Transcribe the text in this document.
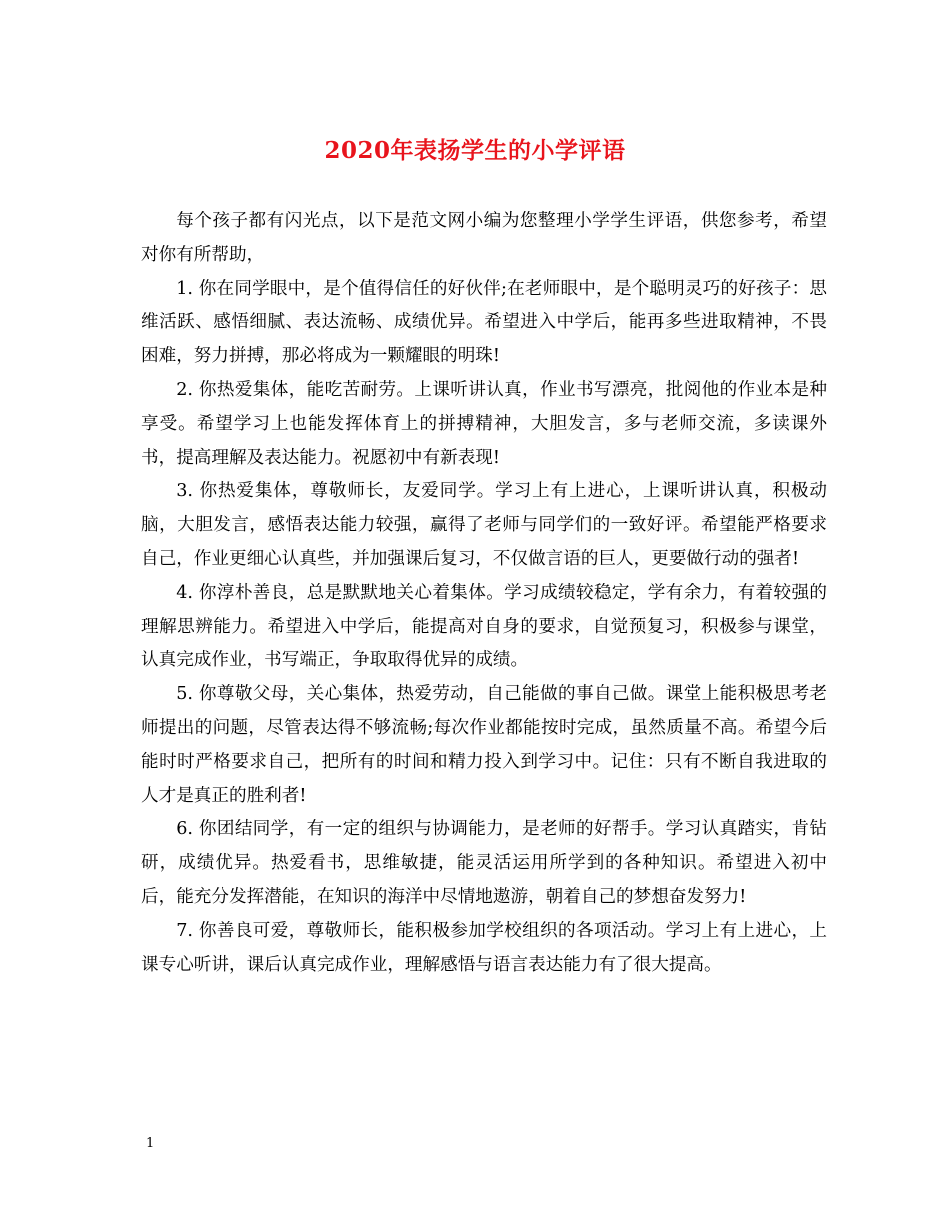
2020年表扬学生的小学评语

每个孩子都有闪光点，以下是范文网小编为您整理小学学生评语，供您参考，希望对你有所帮助，

1. 你在同学眼中，是个值得信任的好伙伴;在老师眼中，是个聪明灵巧的好孩子：思维活跃、感悟细腻、表达流畅、成绩优异。希望进入中学后，能再多些进取精神，不畏困难，努力拼搏，那必将成为一颗耀眼的明珠!

2. 你热爱集体，能吃苦耐劳。上课听讲认真，作业书写漂亮，批阅他的作业本是种享受。希望学习上也能发挥体育上的拼搏精神，大胆发言，多与老师交流，多读课外书，提高理解及表达能力。祝愿初中有新表现!

3. 你热爱集体，尊敬师长，友爱同学。学习上有上进心，上课听讲认真，积极动脑，大胆发言，感悟表达能力较强，赢得了老师与同学们的一致好评。希望能严格要求自己，作业更细心认真些，并加强课后复习，不仅做言语的巨人，更要做行动的强者!

4. 你淳朴善良，总是默默地关心着集体。学习成绩较稳定，学有余力，有着较强的理解思辨能力。希望进入中学后，能提高对自身的要求，自觉预复习，积极参与课堂，认真完成作业，书写端正，争取取得优异的成绩。

5. 你尊敬父母，关心集体，热爱劳动，自己能做的事自己做。课堂上能积极思考老师提出的问题，尽管表达得不够流畅;每次作业都能按时完成，虽然质量不高。希望今后能时时严格要求自己，把所有的时间和精力投入到学习中。记住：只有不断自我进取的人才是真正的胜利者!

6. 你团结同学，有一定的组织与协调能力，是老师的好帮手。学习认真踏实，肯钻研，成绩优异。热爱看书，思维敏捷，能灵活运用所学到的各种知识。希望进入初中后，能充分发挥潜能，在知识的海洋中尽情地遨游，朝着自己的梦想奋发努力!

7. 你善良可爱，尊敬师长，能积极参加学校组织的各项活动。学习上有上进心，上课专心听讲，课后认真完成作业，理解感悟与语言表达能力有了很大提高。

1
